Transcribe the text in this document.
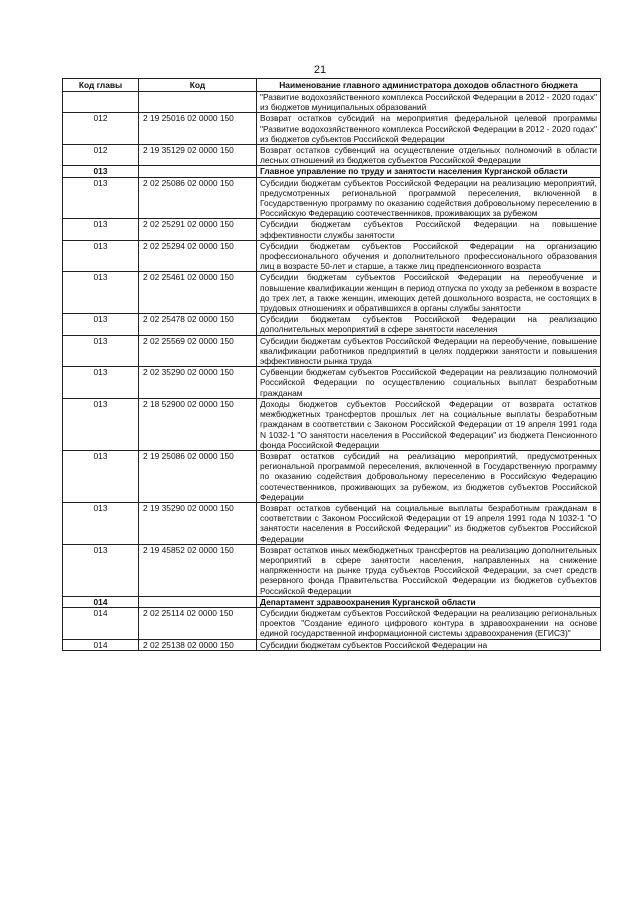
21
Код главы	Код	Наименование главного администратора доходов областного бюджета
		"Развитие водохозяйственного комплекса Российской Федерации в 2012 - 2020 годах" из бюджетов муниципальных образований
012	2 19 25016 02 0000 150	Возврат остатков субсидий на мероприятия федеральной целевой программы "Развитие водохозяйственного комплекса Российской Федерации в 2012 - 2020 годах" из бюджетов субъектов Российской Федерации
012	2 19 35129 02 0000 150	Возврат остатков субвенций на осуществление отдельных полномочий в области лесных отношений из бюджетов субъектов Российской Федерации
013		Главное управление по труду и занятости населения Курганской области
013	2 02 25086 02 0000 150	Субсидии бюджетам субъектов Российской Федерации на реализацию мероприятий, предусмотренных региональной программой переселения, включенной в Государственную программу по оказанию содействия добровольному переселению в Российскую Федерацию соотечественников, проживающих за рубежом
013	2 02 25291 02 0000 150	Субсидии бюджетам субъектов Российской Федерации на повышение эффективности службы занятости
013	2 02 25294 02 0000 150	Субсидии бюджетам субъектов Российской Федерации на организацию профессионального обучения и дополнительного профессионального образования лиц в возрасте 50-лет и старше, а также лиц предпенсионного возраста
013	2 02 25461 02 0000 150	Субсидии бюджетам субъектов Российской Федерации на переобучение и повышение квалификации женщин в период отпуска по уходу за ребенком в возрасте до трех лет, а также женщин, имеющих детей дошкольного возраста, не состоящих в трудовых отношениях и обратившихся в органы службы занятости
013	2 02 25478 02 0000 150	Субсидии бюджетам субъектов Российской Федерации на реализацию дополнительных мероприятий в сфере занятости населения
013	2 02 25569 02 0000 150	Субсидии бюджетам субъектов Российской Федерации на переобучение, повышение квалификации работников предприятий в целях поддержки занятости и повышения эффективности рынка труда
013	2 02 35290 02 0000 150	Субвенции бюджетам субъектов Российской Федерации на реализацию полномочий Российской Федерации по осуществлению социальных выплат безработным гражданам
013	2 18 52900 02 0000 150	Доходы бюджетов субъектов Российской Федерации от возврата остатков межбюджетных трансфертов прошлых лет на социальные выплаты безработным гражданам в соответствии с Законом Российской Федерации от 19 апреля 1991 года N 1032-1 "О занятости населения в Российской Федерации" из бюджета Пенсионного фонда Российской Федерации
013	2 19 25086 02 0000 150	Возврат остатков субсидий на реализацию мероприятий, предусмотренных региональной программой переселения, включенной в Государственную программу по оказанию содействия добровольному переселению в Российскую Федерацию соотечественников, проживающих за рубежом, из бюджетов субъектов Российской Федерации
013	2 19 35290 02 0000 150	Возврат остатков субвенций на социальные выплаты безработным гражданам в соответствии с Законом Российской Федерации от 19 апреля 1991 года N 1032-1 "О занятости населения в Российской Федерации" из бюджетов субъектов Российской Федерации
013	2 19 45852 02 0000 150	Возврат остатков иных межбюджетных трансфертов на реализацию дополнительных мероприятий в сфере занятости населения, направленных на снижение напряженности на рынке труда субъектов Российской Федерации, за счет средств резервного фонда Правительства Российской Федерации из бюджетов субъектов Российской Федерации
014		Департамент здравоохранения Курганской области
014	2 02 25114 02 0000 150	Субсидии бюджетам субъектов Российской Федерации на реализацию региональных проектов "Создание единого цифрового контура в здравоохранении на основе единой государственной информационной системы здравоохранения (ЕГИСЗ)"
014	2 02 25138 02 0000 150	Субсидии бюджетам субъектов Российской Федерации на
